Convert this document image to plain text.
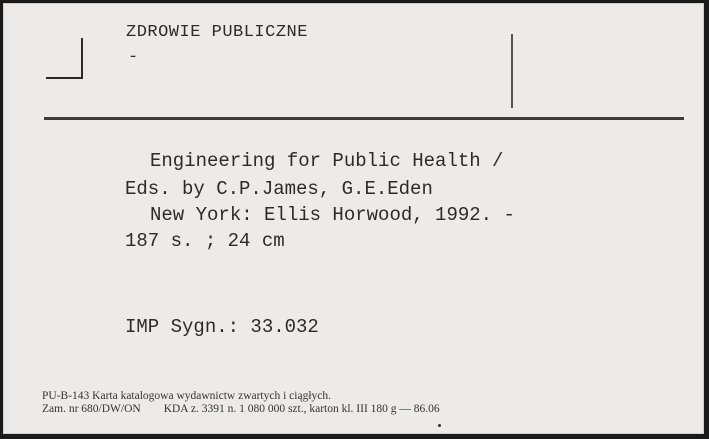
ZDROWIE PUBLICZNE
-
Engineering for Public Health /
Eds. by C.P.James, G.E.Eden
New York: Ellis Horwood, 1992. -
187 s. ; 24 cm
IMP Sygn.: 33.032
PU-B-143 Karta katalogowa wydawnictw zwartych i ciągłych.
Zam. nr 680/DW/ON        KDA z. 3391 n. 1 080 000 szt., karton kl. III 180 g — 86.06
